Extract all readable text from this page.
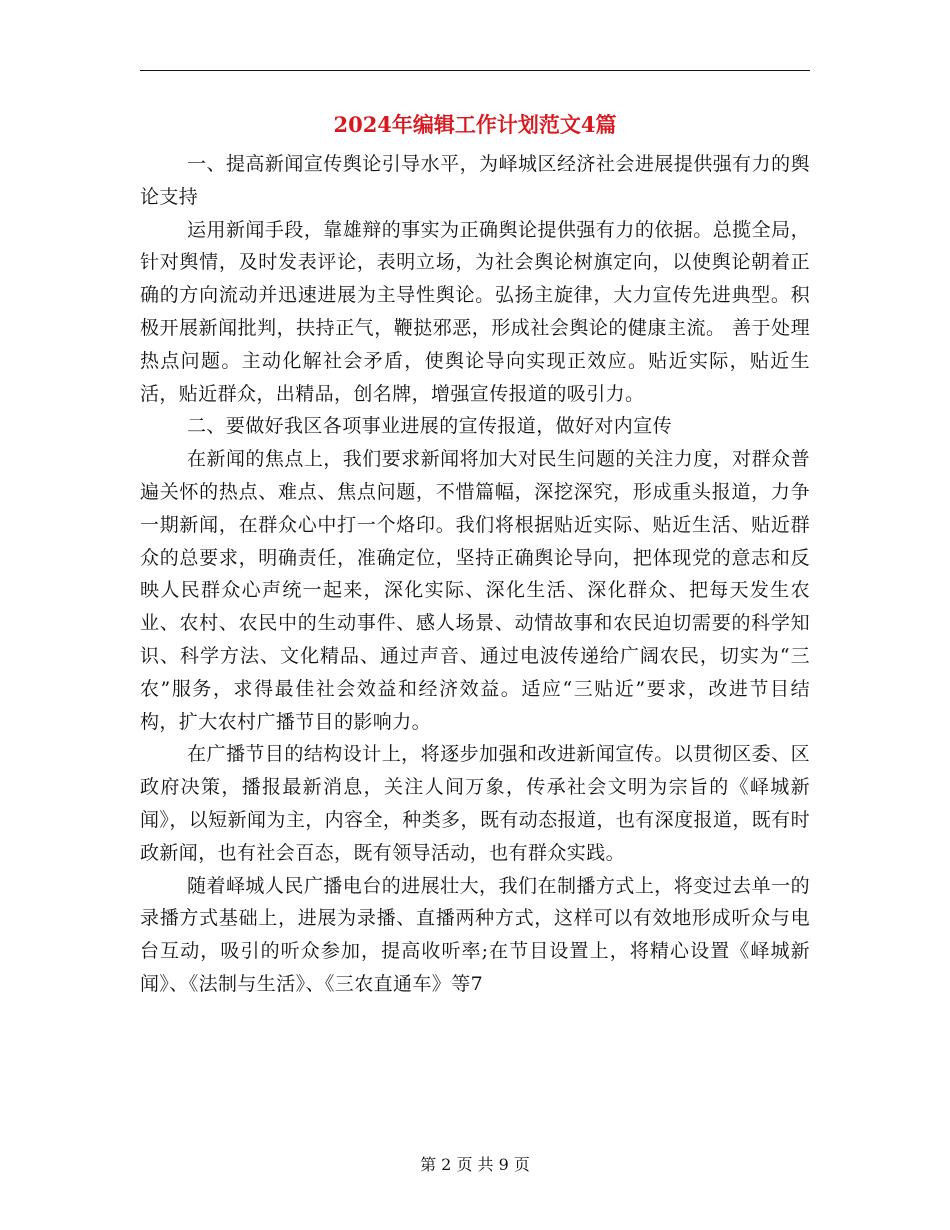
2024年编辑工作计划范文4篇

一、提高新闻宣传舆论引导水平，为峄城区经济社会进展提供强有力的舆论支持

运用新闻手段，靠雄辩的事实为正确舆论提供强有力的依据。总揽全局，针对舆情，及时发表评论，表明立场，为社会舆论树旗定向，以使舆论朝着正确的方向流动并迅速进展为主导性舆论。弘扬主旋律，大力宣传先进典型。积极开展新闻批判，扶持正气，鞭挞邪恶，形成社会舆论的健康主流。 善于处理热点问题。主动化解社会矛盾，使舆论导向实现正效应。贴近实际，贴近生活，贴近群众，出精品，创名牌，增强宣传报道的吸引力。

二、要做好我区各项事业进展的宣传报道，做好对内宣传

在新闻的焦点上，我们要求新闻将加大对民生问题的关注力度，对群众普遍关怀的热点、难点、焦点问题，不惜篇幅，深挖深究，形成重头报道，力争一期新闻，在群众心中打一个烙印。我们将根据贴近实际、贴近生活、贴近群众的总要求，明确责任，准确定位，坚持正确舆论导向，把体现党的意志和反映人民群众心声统一起来，深化实际、深化生活、深化群众、把每天发生农业、农村、农民中的生动事件、感人场景、动情故事和农民迫切需要的科学知识、科学方法、文化精品、通过声音、通过电波传递给广阔农民，切实为“三农”服务，求得最佳社会效益和经济效益。适应“三贴近”要求，改进节目结构，扩大农村广播节目的影响力。

在广播节目的结构设计上，将逐步加强和改进新闻宣传。以贯彻区委、区政府决策，播报最新消息，关注人间万象，传承社会文明为宗旨的《峄城新闻》，以短新闻为主，内容全，种类多，既有动态报道，也有深度报道，既有时政新闻，也有社会百态，既有领导活动，也有群众实践。

随着峄城人民广播电台的进展壮大，我们在制播方式上，将变过去单一的录播方式基础上，进展为录播、直播两种方式，这样可以有效地形成听众与电台互动，吸引的听众参加，提高收听率;在节目设置上，将精心设置《峄城新闻》、《法制与生活》、《三农直通车》等7

第 2 页 共 9 页
